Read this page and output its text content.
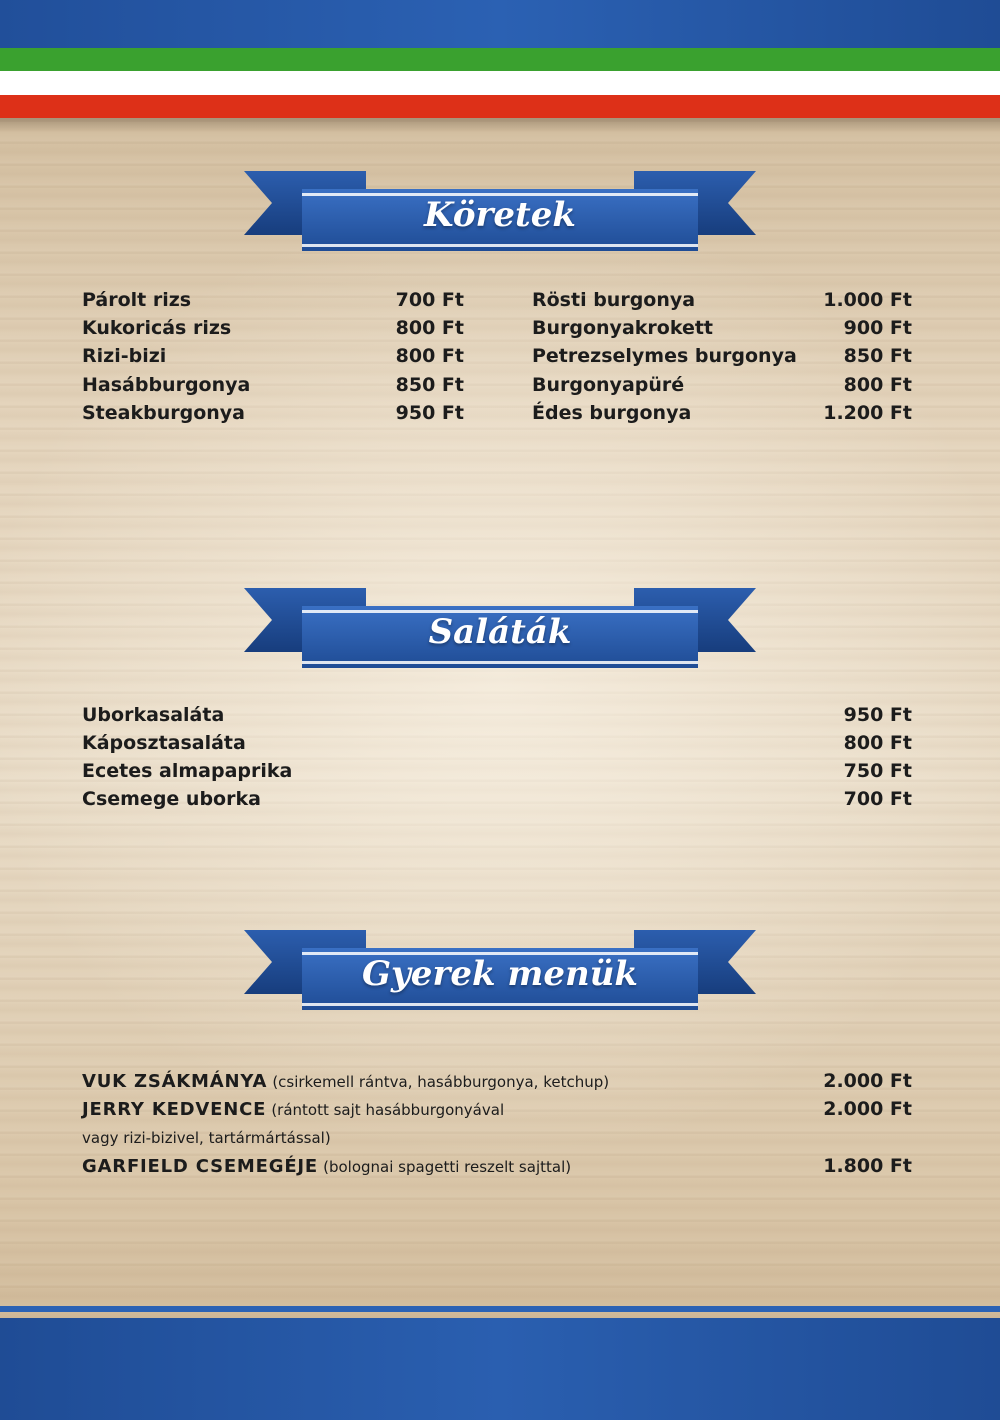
Köretek
Párolt rizs	700 Ft
Kukoricás rizs	800 Ft
Rizi-bizi	800 Ft
Hasábburgonya	850 Ft
Steakburgonya	950 Ft
Rösti burgonya	1.000 Ft
Burgonyakrokett	900 Ft
Petrezselymes burgonya 850 Ft
Burgonyapüré	800 Ft
Édes burgonya	1.200 Ft
Saláták
Uborkasaláta	950 Ft
Káposztasaláta	800 Ft
Ecetes almapaprika	750 Ft
Csemege uborka	700 Ft
Gyerek menük
VUK ZSÁKMÁNYA (csirkemell rántva, hasábburgonya, ketchup)	2.000 Ft
JERRY KEDVENCE (rántott sajt hasábburgonyával	2.000 Ft
vagy rizi-bizivel, tartármártással)
GARFIELD CSEMEGÉJE (bolognai spagetti reszelt sajttal)	1.800 Ft
